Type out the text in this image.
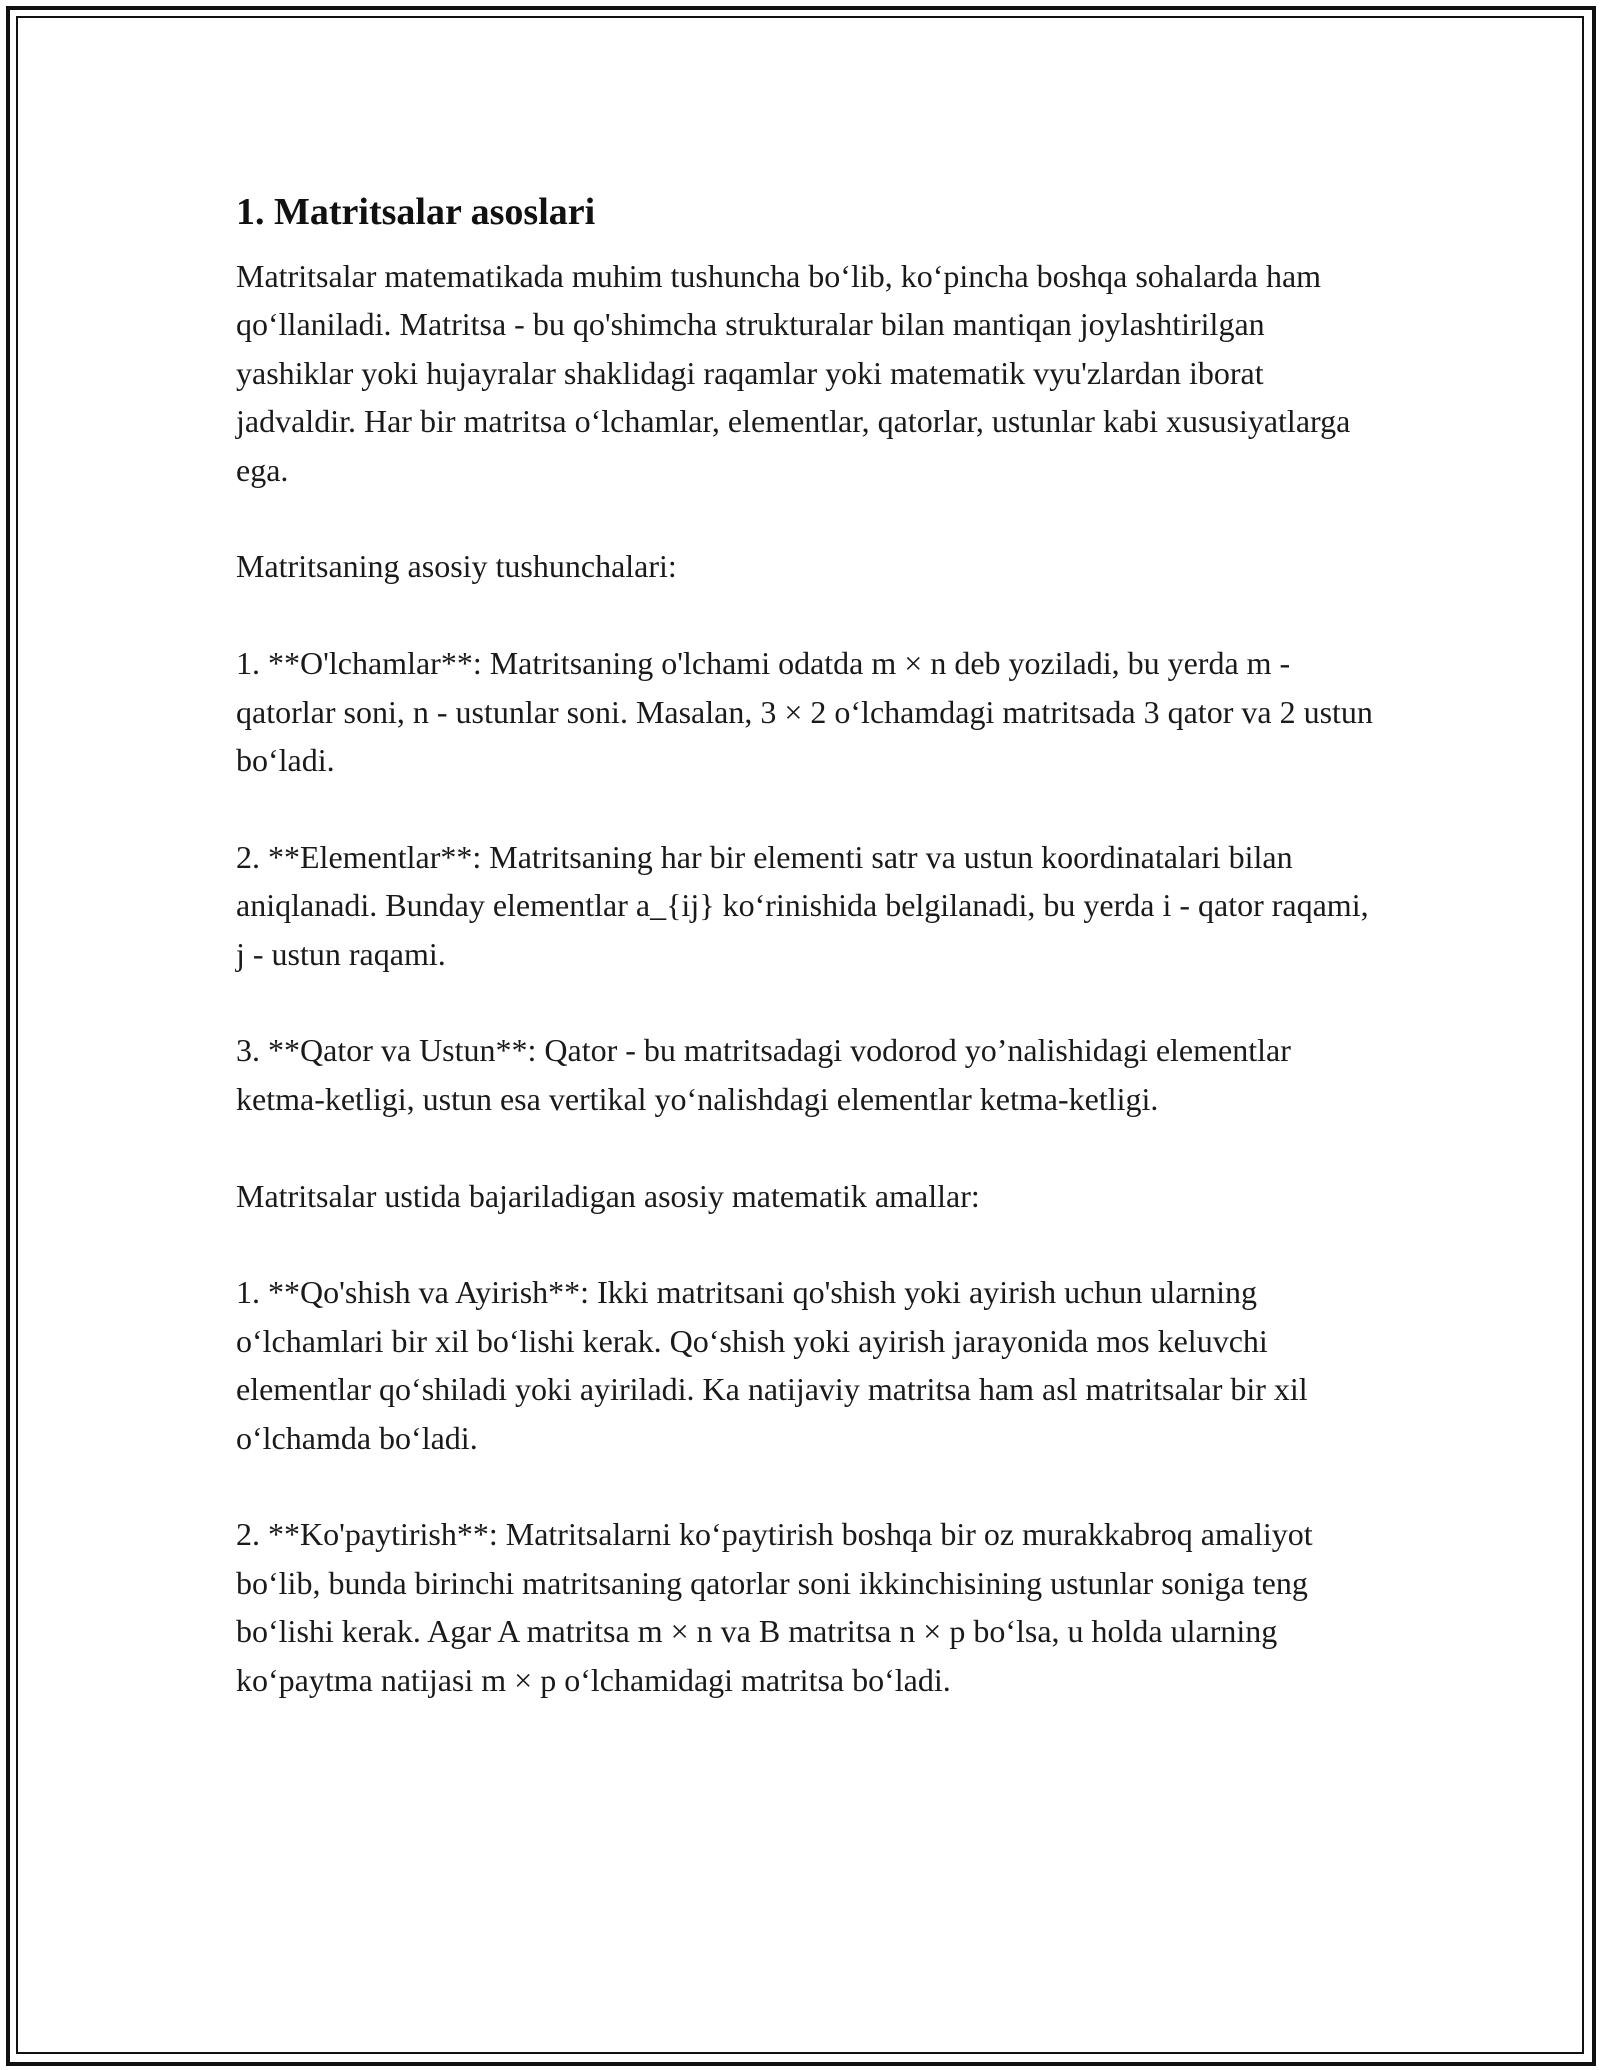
1. Matritsalar asoslari

Matritsalar matematikada muhim tushuncha bo‘lib, ko‘pincha boshqa sohalarda ham qo‘llaniladi. Matritsa - bu qo'shimcha strukturalar bilan mantiqan joylashtirilgan yashiklar yoki hujayralar shaklidagi raqamlar yoki matematik vyu'zlardan iborat jadvaldir. Har bir matritsa o‘lchamlar, elementlar, qatorlar, ustunlar kabi xususiyatlarga ega.

Matritsaning asosiy tushunchalari:

1. **O'lchamlar**: Matritsaning o'lchami odatda m × n deb yoziladi, bu yerda m - qatorlar soni, n - ustunlar soni. Masalan, 3 × 2 o‘lchamdagi matritsada 3 qator va 2 ustun bo‘ladi.

2. **Elementlar**: Matritsaning har bir elementi satr va ustun koordinatalari bilan aniqlanadi. Bunday elementlar a_{ij} ko‘rinishida belgilanadi, bu yerda i - qator raqami, j - ustun raqami.

3. **Qator va Ustun**: Qator - bu matritsadagi vodorod yo’nalishidagi elementlar ketma-ketligi, ustun esa vertikal yo‘nalishdagi elementlar ketma-ketligi.

Matritsalar ustida bajariladigan asosiy matematik amallar:

1. **Qo'shish va Ayirish**: Ikki matritsani qo'shish yoki ayirish uchun ularning o‘lchamlari bir xil bo‘lishi kerak. Qo‘shish yoki ayirish jarayonida mos keluvchi elementlar qo‘shiladi yoki ayiriladi. Ka natijaviy matritsa ham asl matritsalar bir xil o‘lchamda bo‘ladi.

2. **Ko'paytirish**: Matritsalarni ko‘paytirish boshqa bir oz murakkabroq amaliyot bo‘lib, bunda birinchi matritsaning qatorlar soni ikkinchisining ustunlar soniga teng bo‘lishi kerak. Agar A matritsa m × n va B matritsa n × p bo‘lsa, u holda ularning ko‘paytma natijasi m × p o‘lchamidagi matritsa bo‘ladi.
